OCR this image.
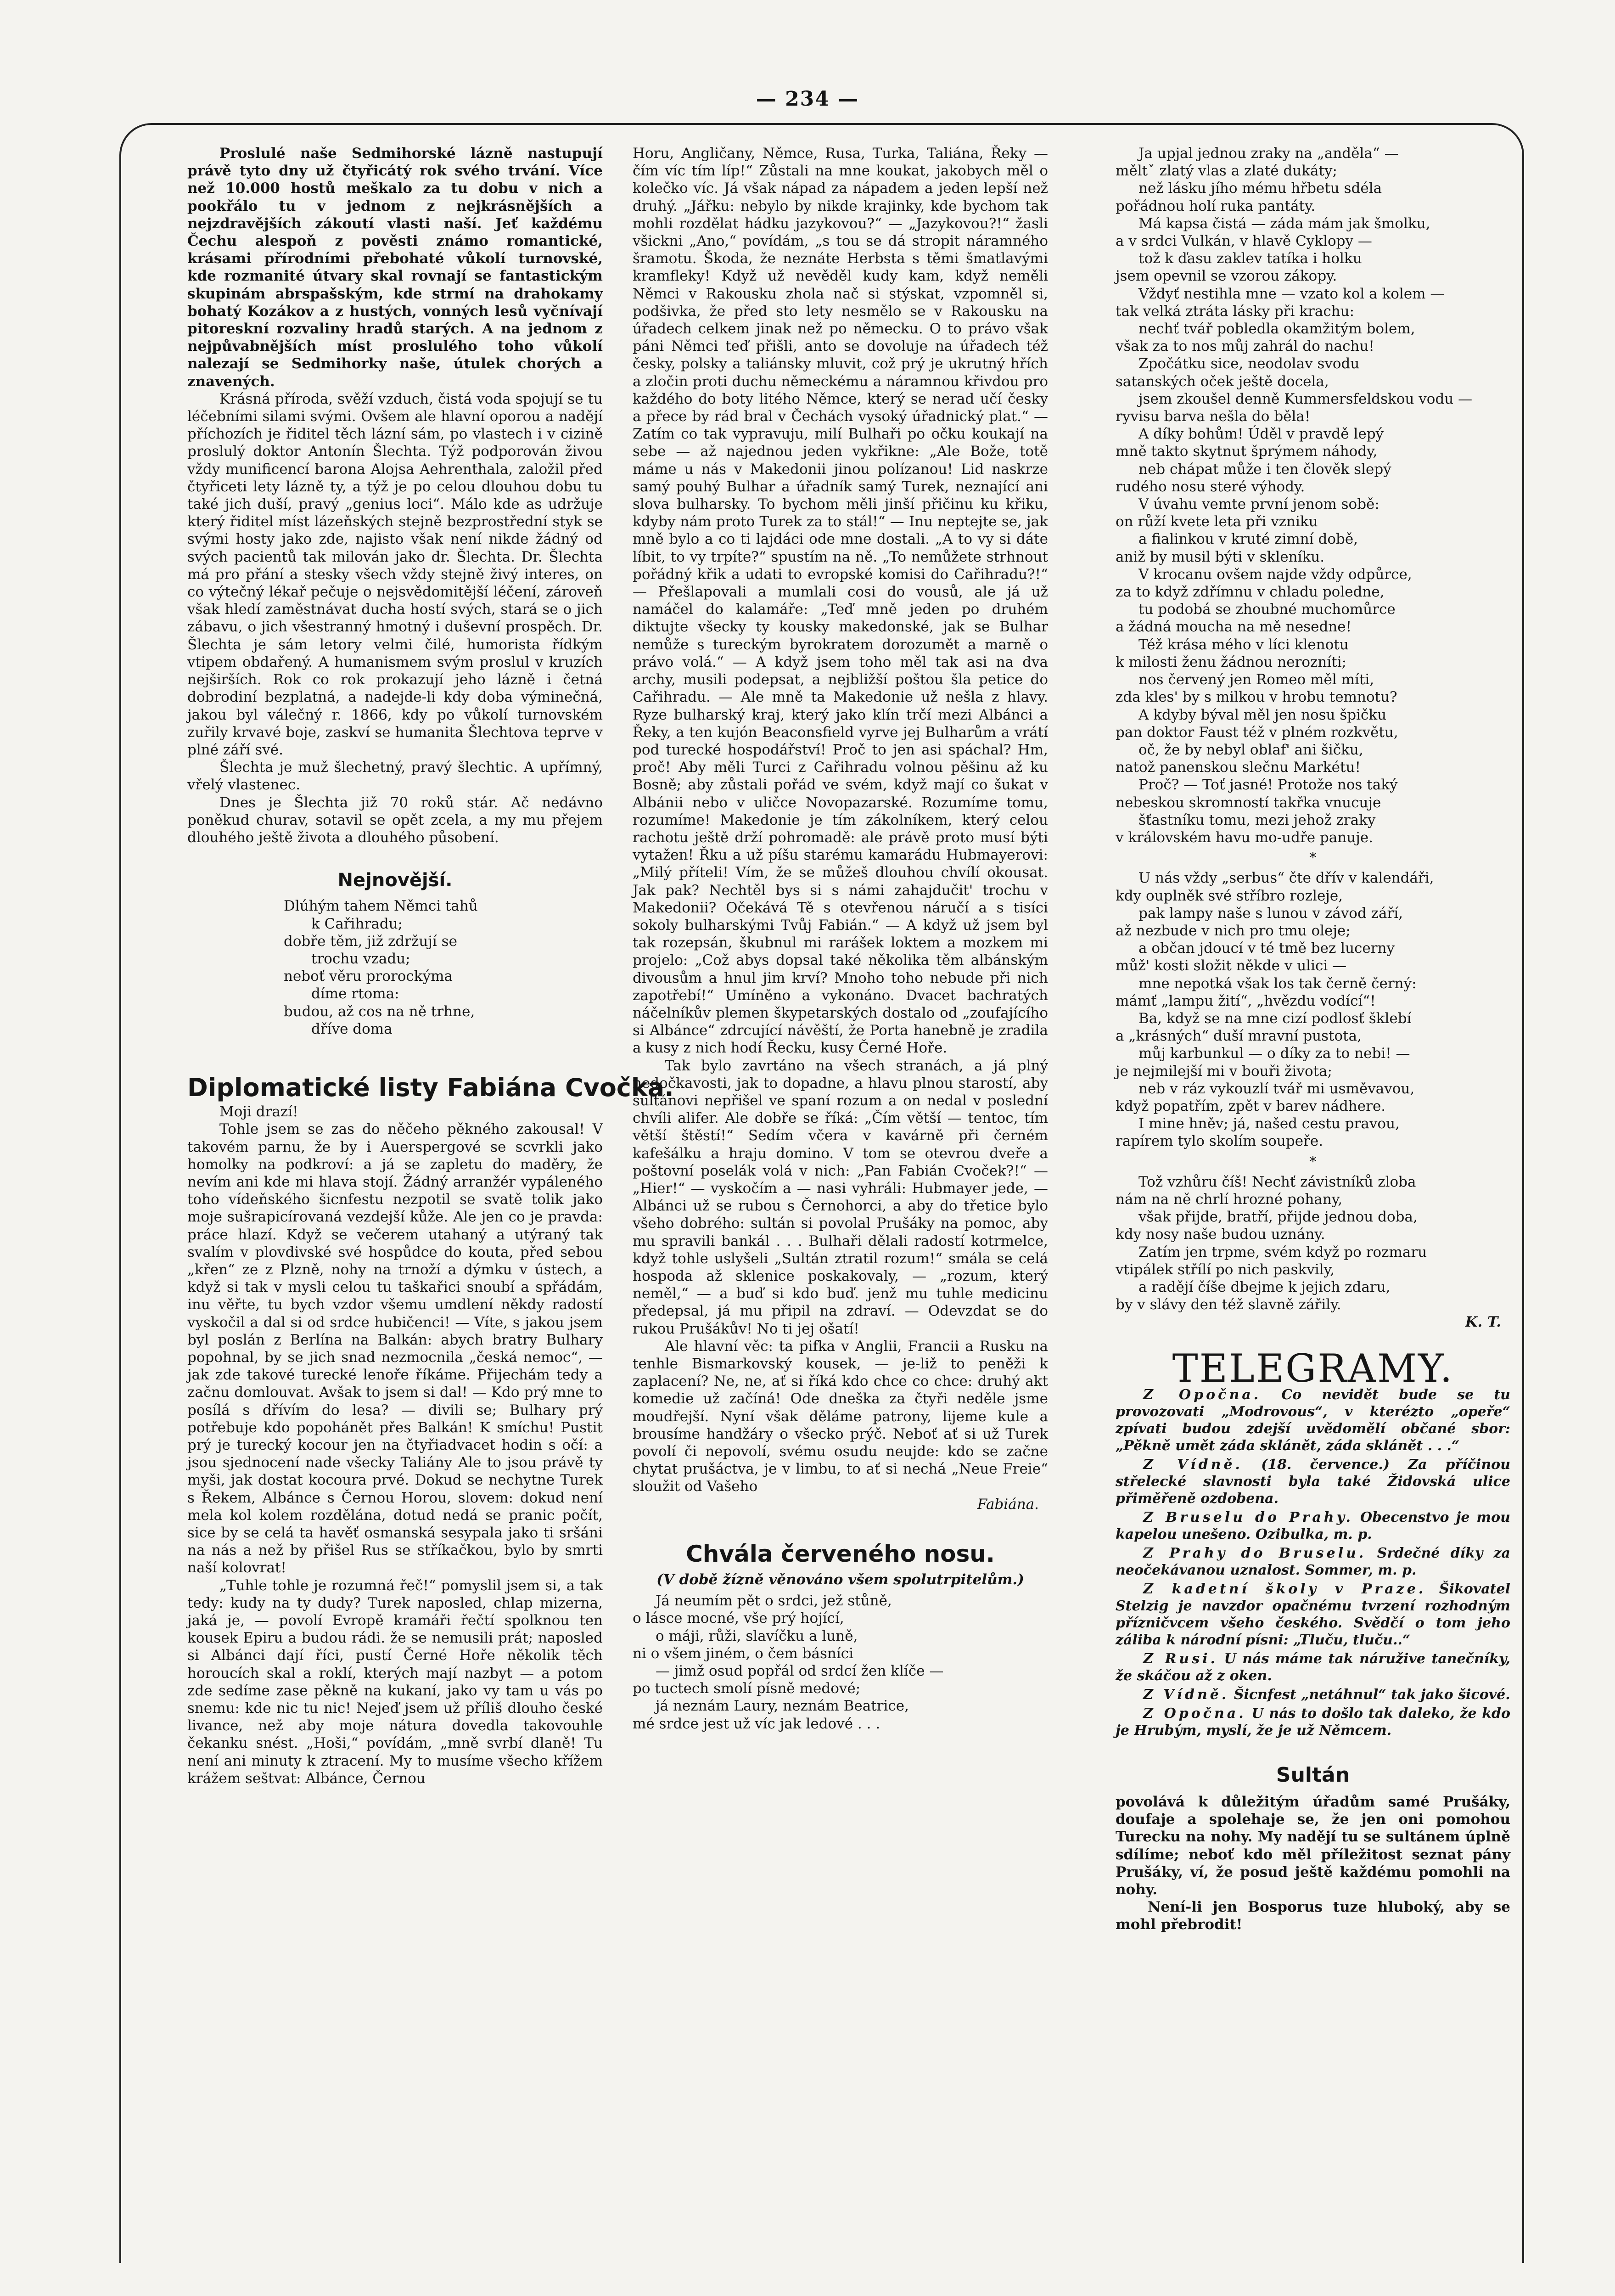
— 234 —

Proslulé naše Sedmihorské lázně nastupují právě tyto dny už čtyřicátý rok svého trvání. Více než 10.000 hostů meškalo za tu dobu v nich a pookřálo tu v jednom z nejkrásnějších a nejzdravějších zákoutí vlasti naší. Jeť každému Čechu alespoň z pověsti známo romantické, krásami přírodními přebohaté vůkolí turnovské, kde rozmanité útvary skal rovnají se fantastickým skupinám abrspašským, kde strmí na drahokamy bohatý Kozákov a z hustých, vonných lesů vyčnívají pitoreskní rozvaliny hradů starých. A na jednom z nejpůvabnějších míst proslulého toho vůkolí nalezají se Sedmihorky naše, útulek chorých a znavených.

Krásná příroda, svěží vzduch, čistá voda spojují se tu léčebními silami svými. Ovšem ale hlavní oporou a nadějí příchozích je řiditel těch lázní sám, po vlastech i v cizině proslulý doktor Antonín Šlechta. Týž podporován živou vždy munificencí barona Alojsa Aehrenthala, založil před čtyřiceti lety lázně ty, a týž je po celou dlouhou dobu tu také jich duší, pravý „genius loci“. Málo kde as udržuje který řiditel míst lázeňských stejně bezprostřední styk se svými hosty jako zde, najisto však není nikde žádný od svých pacientů tak milován jako dr. Šlechta. Dr. Šlechta má pro přání a stesky všech vždy stejně živý interes, on co výtečný lékař pečuje o nejsvědomitější léčení, zároveň však hledí zaměstnávat ducha hostí svých, stará se o jich zábavu, o jich všestranný hmotný i duševní prospěch. Dr. Šlechta je sám letory velmi čilé, humorista řídkým vtipem obdařený. A humanismem svým proslul v kruzích nejširších. Rok co rok prokazují jeho lázně i četná dobrodiní bezplatná, a nadejde-li kdy doba výminečná, jakou byl válečný r. 1866, kdy po vůkolí turnovském zuřily krvavé boje, zaskví se humanita Šlechtova teprve v plné září své.

Šlechta je muž šlechetný, pravý šlechtic. A upřímný, vřelý vlastenec.

Dnes je Šlechta již 70 roků stár. Ač nedávno poněkud churav, sotavil se opět zcela, a my mu přejem dlouhého ještě života a dlouhého působení.

Nejnovější.

Dlúhým tahem Němci tahů

k Cařihradu;

dobře těm, již zdržují se

trochu vzadu;

neboť věru prorockýma

díme rtoma:

budou, až cos na ně trhne,

dříve doma

Diplomatické listy Fabiána Cvočka.

Moji drazí!

Tohle jsem se zas do něčeho pěkného zakousal! V takovém parnu, že by i Auerspergové se scvrkli jako homolky na podkroví: a já se zapletu do maděry, že nevím ani kde mi hlava stojí. Žádný arranžér vypáleného toho vídeňského šicnfestu nezpotil se svatě tolik jako moje sušrapicírovaná vezdejší kůže. Ale jen co je pravda: práce hlazí. Když se večerem utahaný a utýraný tak svalím v plovdivské své hospůdce do kouta, před sebou „křen“ ze z Plzně, nohy na trnoží a dýmku v ústech, a když si tak v mysli celou tu taškařici snoubí a spřádám, inu věřte, tu bych vzdor všemu umdlení někdy radostí vyskočil a dal si od srdce hubičenci! — Víte, s jakou jsem byl poslán z Berlína na Balkán: abych bratry Bulhary popohnal, by se jich snad nezmocnila „česká nemoc“, — jak zde takové turecké lenoře říkáme. Přijechám tedy a začnu domlouvat. Avšak to jsem si dal! — Kdo prý mne to posílá s dřívím do lesa? — divili se; Bulhary prý potřebuje kdo popohánět přes Balkán! K smíchu! Pustit prý je turecký kocour jen na čtyřiadvacet hodin s očí: a jsou sjednocení nade všecky Taliány Ale to jsou právě ty myši, jak dostat kocoura prvé. Dokud se nechytne Turek s Řekem, Albánce s Černou Horou, slovem: dokud není mela kol kolem rozdělána, dotud nedá se pranic počít, sice by se celá ta havěť osmanská sesypala jako ti sršáni na nás a než by přišel Rus se stříkačkou, bylo by smrti naší kolovrat!

„Tuhle tohle je rozumná řeč!“ pomyslil jsem si, a tak tedy: kudy na ty dudy? Turek naposled, chlap mizerna, jaká je, — povolí Evropě kramáři řečtí spolknou ten kousek Epiru a budou rádi. že se nemusili prát; naposled si Albánci dají říci, pustí Černé Hoře několik těch horoucích skal a roklí, kterých mají nazbyt — a potom zde sedíme zase pěkně na kukaní, jako vy tam u vás po snemu: kde nic tu nic! Nejeď jsem už příliš dlouho české livance, než aby moje nátura dovedla takovouhle čekanku snést. „Hoši,“ povídám, „mně svrbí dlaně! Tu není ani minuty k ztracení. My to musíme všecho křížem krážem seštvat: Albánce, Černou

Horu, Angličany, Němce, Rusa, Turka, Taliána, Řeky — čím víc tím líp!“ Zůstali na mne koukat, jakobych měl o kolečko víc. Já však nápad za nápadem a jeden lepší než druhý. „Jářku: nebylo by nikde krajinky, kde bychom tak mohli rozdělat hádku jazykovou?“ — „Jazykovou?!“ žasli všickni „Ano,“ povídám, „s tou se dá stropit náramného šramotu. Škoda, že neznáte Herbsta s těmi šmatlavými kramfleky! Když už nevěděl kudy kam, když neměli Němci v Rakousku zhola nač si stýskat, vzpomněl si, podšivka, že před sto lety nesmělo se v Rakousku na úřadech celkem jinak než po německu. O to právo však páni Němci teď přišli, anto se dovoluje na úřadech též česky, polsky a taliánsky mluvit, což prý je ukrutný hřích a zločin proti duchu německému a náramnou křivdou pro každého do boty litého Němce, který se nerad učí česky a přece by rád bral v Čechách vysoký úřadnický plat.“ — Zatím co tak vypravuju, milí Bulhaři po očku koukají na sebe — až najednou jeden vykřikne: „Ale Bože, totě máme u nás v Makedonii jinou polízanou! Lid naskrze samý pouhý Bulhar a úřadník samý Turek, neznající ani slova bulharsky. To bychom měli jinší přičinu ku křiku, kdyby nám proto Turek za to stál!“ — Inu neptejte se, jak mně bylo a co ti lajdáci ode mne dostali. „A to vy si dáte líbit, to vy trpíte?“ spustím na ně. „To nemůžete strhnout pořádný křik a udati to evropské komisi do Cařihradu?!“ — Přešlapovali a mumlali cosi do vousů, ale já už namáčel do kalamáře: „Teď mně jeden po druhém diktujte všecky ty kousky makedonské, jak se Bulhar nemůže s tureckým byrokratem dorozumět a marně o právo volá.“ — A když jsem toho měl tak asi na dva archy, musili podepsat, a nejbližší poštou šla petice do Cařihradu. — Ale mně ta Makedonie už nešla z hlavy. Ryze bulharský kraj, který jako klín trčí mezi Albánci a Řeky, a ten kujón Beaconsfield vyrve jej Bulharům a vrátí pod turecké hospodářství! Proč to jen asi spáchal? Hm, proč! Aby měli Turci z Cařihradu volnou pěšinu až ku Bosně; aby zůstali pořád ve svém, když mají co šukat v Albánii nebo v uličce Novopazarské. Rozumíme tomu, rozumíme! Makedonie je tím zákolníkem, který celou rachotu ještě drží pohromadě: ale právě proto musí býti vytažen! Řku a už píšu starému kamarádu Hubmayerovi: „Milý příteli! Vím, že se můžeš dlouhou chvílí okousat. Jak pak? Nechtěl bys si s námi zahajdučit' trochu v Makedonii? Očekává Tě s otevřenou náručí a s tisíci sokoly bulharskými Tvůj Fabián.“ — A když už jsem byl tak rozepsán, škubnul mi rarášek loktem a mozkem mi projelo: „Což abys dopsal také několika těm albánským divousům a hnul jim krví? Mnoho toho nebude při nich zapotřebí!“ Umíněno a vykonáno. Dvacet bachratých náčelníkův plemen škypetarských dostalo od „zoufajícího si Albánce“ zdrcující návěští, že Porta hanebně je zradila a kusy z nich hodí Řecku, kusy Černé Hoře.

Tak bylo zavrtáno na všech stranách, a já plný nedočkavosti, jak to dopadne, a hlavu plnou starostí, aby sultánovi nepřišel ve spaní rozum a on nedal v poslední chvíli alifer. Ale dobře se říká: „Čím větší — tentoc, tím větší štěstí!“ Sedím včera v kavárně při černém kafešálku a hraju domino. V tom se otevrou dveře a poštovní poselák volá v nich: „Pan Fabián Cvoček?!“ — „Hier!“ — vyskočím a — nasi vyhráli: Hubmayer jede, — Albánci už se rubou s Černohorci, a aby do třetice bylo všeho dobrého: sultán si povolal Prušáky na pomoc, aby mu spravili bankál . . . Bulhaři dělali radostí kotrmelce, když tohle uslyšeli „Sultán ztratil rozum!“ smála se celá hospoda až sklenice poskakovaly, — „rozum, který neměl,“ — a buď si kdo buď. jenž mu tuhle medicinu předepsal, já mu připil na zdraví. — Odevzdat se do rukou Prušákův! No ti jej ošatí!

Ale hlavní věc: ta pifka v Anglii, Francii a Rusku na tenhle Bismarkovský kousek, — je-liž to peněži k zaplacení? Ne, ne, ať si říká kdo chce co chce: druhý akt komedie už začíná! Ode dneška za čtyři neděle jsme moudřejší. Nyní však děláme patrony, lijeme kule a brousíme handžáry o všecko prýč. Neboť ať si už Turek povolí či nepovolí, svému osudu neujde: kdo se začne chytat prušáctva, je v limbu, to ať si nechá „Neue Freie“ sloužit od Vašeho

Fabiána.

Chvála červeného nosu.

(V době žízně věnováno všem spolutrpitelům.)

Já neumím pět o srdci, jež stůně,

o lásce mocné, vše prý hojící,

o máji, růži, slavíčku a luně,

ni o všem jiném, o čem básníci

— jimž osud popřál od srdcí žen klíče —

po tuctech smolí písně medové;

já neznám Laury, neznám Beatrice,

mé srdce jest už víc jak ledové . . .

Ja upjal jednou zraky na „anděla“ —

měltˇ zlatý vlas a zlaté dukáty;

než lásku jího mému hřbetu sdéla

pořádnou holí ruka pantáty.

Má kapsa čistá — záda mám jak šmolku,

a v srdci Vulkán, v hlavě Cyklopy —

tož k ďasu zaklev tatíka i holku

jsem opevnil se vzorou zákopy.

Vždyť nestihla mne — vzato kol a kolem —

tak velká ztráta lásky při krachu:

nechť tvář pobledla okamžitým bolem,

však za to nos můj zahrál do nachu!

Zpočátku sice, neodolav svodu

satanských oček ještě docela,

jsem zkoušel denně Kummersfeldskou vodu —

ryvisu barva nešla do běla!

A díky bohům! Úděl v pravdě lepý

mně takto skytnut šprýmem náhody,

neb chápat může i ten člověk slepý

rudého nosu steré výhody.

V úvahu vemte první jenom sobě:

on růží kvete leta při vzniku

a fialinkou v kruté zimní době,

aniž by musil býti v skleníku.

V krocanu ovšem najde vždy odpůrce,

za to když zdřímnu v chladu poledne,

tu podobá se zhoubné muchomůrce

a žádná moucha na mě nesedne!

Též krása mého v líci klenotu

k milosti ženu žádnou nerozníti;

nos červený jen Romeo měl míti,

zda kles' by s milkou v hrobu temnotu?

A kdyby býval měl jen nosu špičku

pan doktor Faust též v plném rozkvětu,

oč, že by nebyl oblaf' ani šičku,

natož panenskou slečnu Markétu!

Proč? — Toť jasné! Protože nos taký

nebeskou skromností takřka vnucuje

šťastníku tomu, mezi jehož zraky

v královském havu mo-udře panuje.

*

U nás vždy „serbus“ čte dřív v kalendáři,

kdy ouplněk své stříbro rozleje,

pak lampy naše s lunou v závod září,

až nezbude v nich pro tmu oleje;

a občan jdoucí v té tmě bez lucerny

můž' kosti složit někde v ulici —

mne nepotká však los tak černě černý:

mámť „lampu žití“, „hvězdu vodící“!

Ba, když se na mne cizí podlosť šklebí

a „krásných“ duší mravní pustota,

můj karbunkul — o díky za to nebi! —

je nejmilejší mi v bouři života;

neb v ráz vykouzlí tvář mi usměvavou,

když popatřím, zpět v barev nádhere.

I mine hněv; já, našed cestu pravou,

rapírem tylo skolím soupeře.

*

Tož vzhůru číš! Nechť závistníků zloba

nám na ně chrlí hrozné pohany,

však přijde, bratří, přijde jednou doba,

kdy nosy naše budou uznány.

Zatím jen trpme, svém když po rozmaru

vtipálek střílí po nich paskvily,

a radějí číše dbejme k jejich zdaru,

by v slávy den též slavně zářily.

K. T.

TELEGRAMY.

Z Opočna. Co nevidět bude se tu provozovati „Modrovous“, v kterézto „opeře“ zpívati budou zdejší uvědomělí občané sbor: „Pěkně umět záda sklánět, záda sklánět . . .“

Z Vídně. (18. července.) Za příčinou střelecké slavnosti byla také Židovská ulice přiměřeně ozdobena.

Z Bruselu do Prahy. Obecenstvo je mou kapelou unešeno. Ozibulka, m. p.

Z Prahy do Bruselu. Srdečné díky za neočekávanou uznalost. Sommer, m. p.

Z kadetní školy v Praze. Šikovatel Stelzig je navzdor opačnému tvrzení rozhodným přízničvcem všeho českého. Svědčí o tom jeho záliba k národní písni: „Tluču, tluču..“

Z Rusi. U nás máme tak náružive tanečníky, že skáčou až z oken.

Z Vídně. Šicnfest „netáhnul“ tak jako šicové.

Z Opočna. U nás to došlo tak daleko, že kdo je Hrubým, myslí, že je už Němcem.

Sultán

povolává k důležitým úřadům samé Prušáky, doufaje a spolehaje se, že jen oni pomohou Turecku na nohy. My nadějí tu se sultánem úplně sdílíme; neboť kdo měl příležitost seznat pány Prušáky, ví, že posud ještě každému pomohli na nohy.

Není-li jen Bosporus tuze hluboký, aby se mohl přebrodit!
